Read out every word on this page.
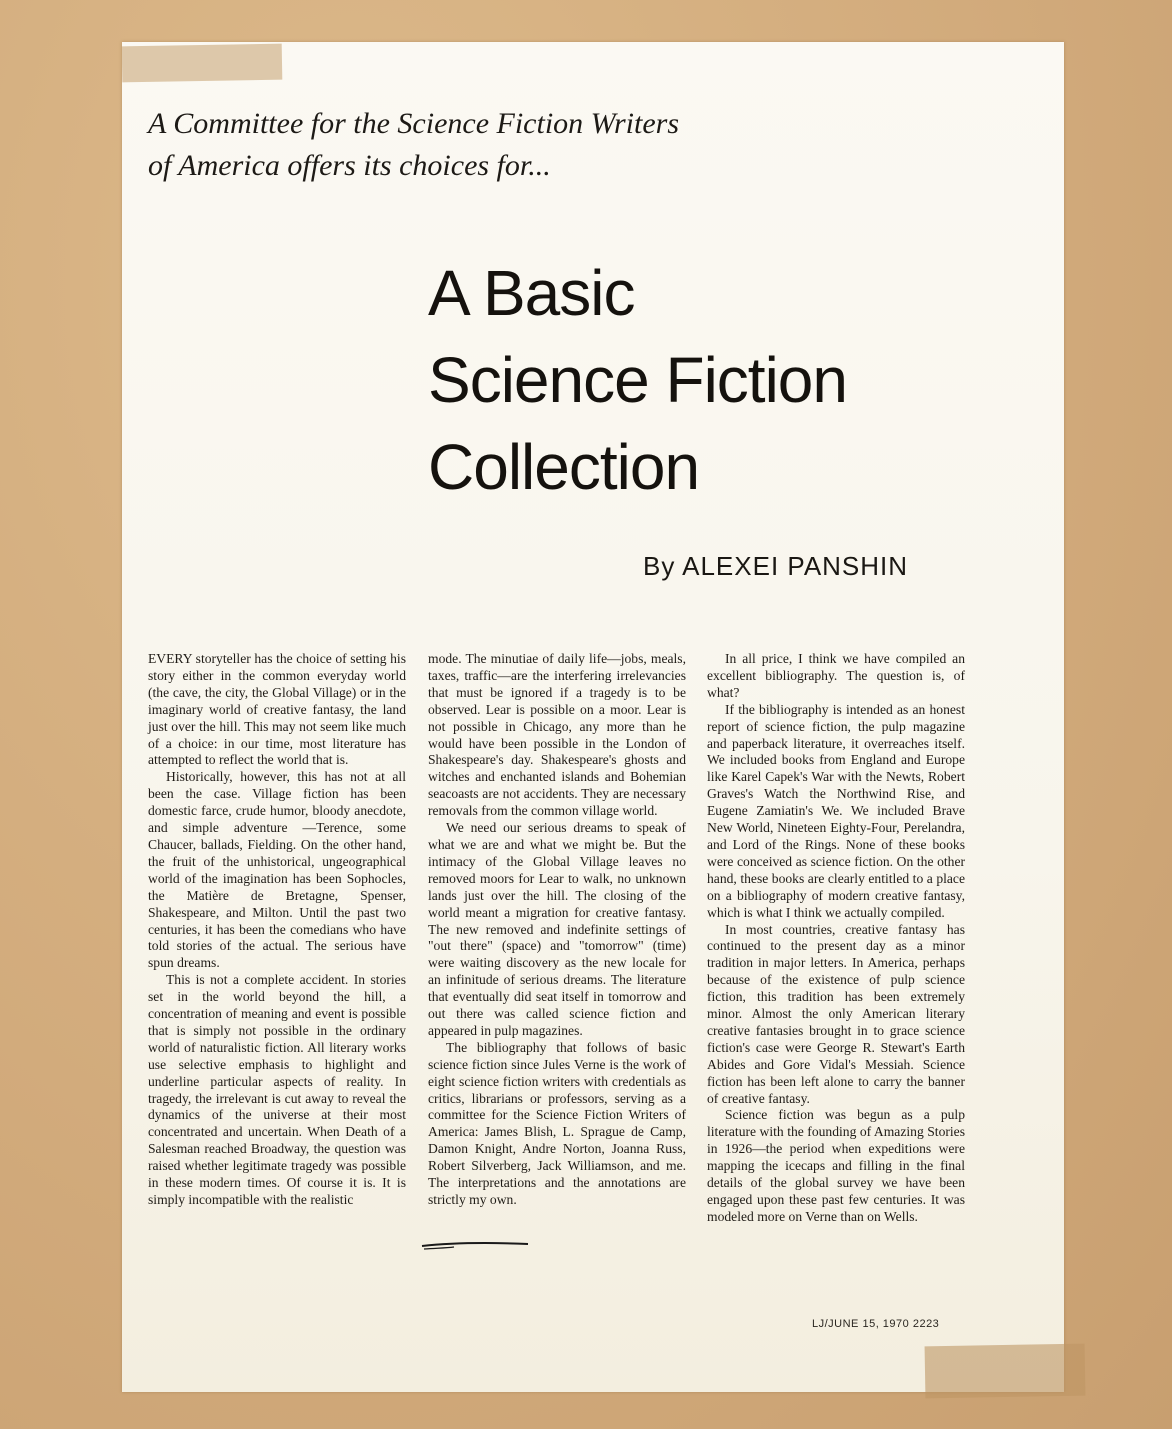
A Committee for the Science Fiction Writers
of America offers its choices for...
A Basic
Science Fiction
Collection
By ALEXEI PANSHIN

EVERY storyteller has the choice of setting his story either in the common everyday world (the cave, the city, the Global Village) or in the imaginary world of creative fantasy, the land just over the hill. This may not seem like much of a choice: in our time, most literature has attempted to reflect the world that is.

Historically, however, this has not at all been the case. Village fiction has been domestic farce, crude humor, bloody anecdote, and simple adventure —Terence, some Chaucer, ballads, Fielding. On the other hand, the fruit of the unhistorical, ungeographical world of the imagination has been Sophocles, the Matière de Bretagne, Spenser, Shakespeare, and Milton. Until the past two centuries, it has been the comedians who have told stories of the actual. The serious have spun dreams.

This is not a complete accident. In stories set in the world beyond the hill, a concentration of meaning and event is possible that is simply not possible in the ordinary world of naturalistic fiction. All literary works use selective emphasis to highlight and underline particular aspects of reality. In tragedy, the irrelevant is cut away to reveal the dynamics of the universe at their most concentrated and uncertain. When Death of a Salesman reached Broadway, the question was raised whether legitimate tragedy was possible in these modern times. Of course it is. It is simply incompatible with the realistic

mode. The minutiae of daily life—jobs, meals, taxes, traffic—are the interfering irrelevancies that must be ignored if a tragedy is to be observed. Lear is possible on a moor. Lear is not possible in Chicago, any more than he would have been possible in the London of Shakespeare's day. Shakespeare's ghosts and witches and enchanted islands and Bohemian seacoasts are not accidents. They are necessary removals from the common village world.

We need our serious dreams to speak of what we are and what we might be. But the intimacy of the Global Village leaves no removed moors for Lear to walk, no unknown lands just over the hill. The closing of the world meant a migration for creative fantasy. The new removed and indefinite settings of "out there" (space) and "tomorrow" (time) were waiting discovery as the new locale for an infinitude of serious dreams. The literature that eventually did seat itself in tomorrow and out there was called science fiction and appeared in pulp magazines.

The bibliography that follows of basic science fiction since Jules Verne is the work of eight science fiction writers with credentials as critics, librarians or professors, serving as a committee for the Science Fiction Writers of America: James Blish, L. Sprague de Camp, Damon Knight, Andre Norton, Joanna Russ, Robert Silverberg, Jack Williamson, and me. The interpretations and the annotations are strictly my own.

In all price, I think we have compiled an excellent bibliography. The question is, of what?

If the bibliography is intended as an honest report of science fiction, the pulp magazine and paperback literature, it overreaches itself. We included books from England and Europe like Karel Capek's War with the Newts, Robert Graves's Watch the Northwind Rise, and Eugene Zamiatin's We. We included Brave New World, Nineteen Eighty-Four, Perelandra, and Lord of the Rings. None of these books were conceived as science fiction. On the other hand, these books are clearly entitled to a place on a bibliography of modern creative fantasy, which is what I think we actually compiled.

In most countries, creative fantasy has continued to the present day as a minor tradition in major letters. In America, perhaps because of the existence of pulp science fiction, this tradition has been extremely minor. Almost the only American literary creative fantasies brought in to grace science fiction's case were George R. Stewart's Earth Abides and Gore Vidal's Messiah. Science fiction has been left alone to carry the banner of creative fantasy.

Science fiction was begun as a pulp literature with the founding of Amazing Stories in 1926—the period when expeditions were mapping the icecaps and filling in the final details of the global survey we have been engaged upon these past few centuries. It was modeled more on Verne than on Wells.

LJ/JUNE 15, 1970 2223
